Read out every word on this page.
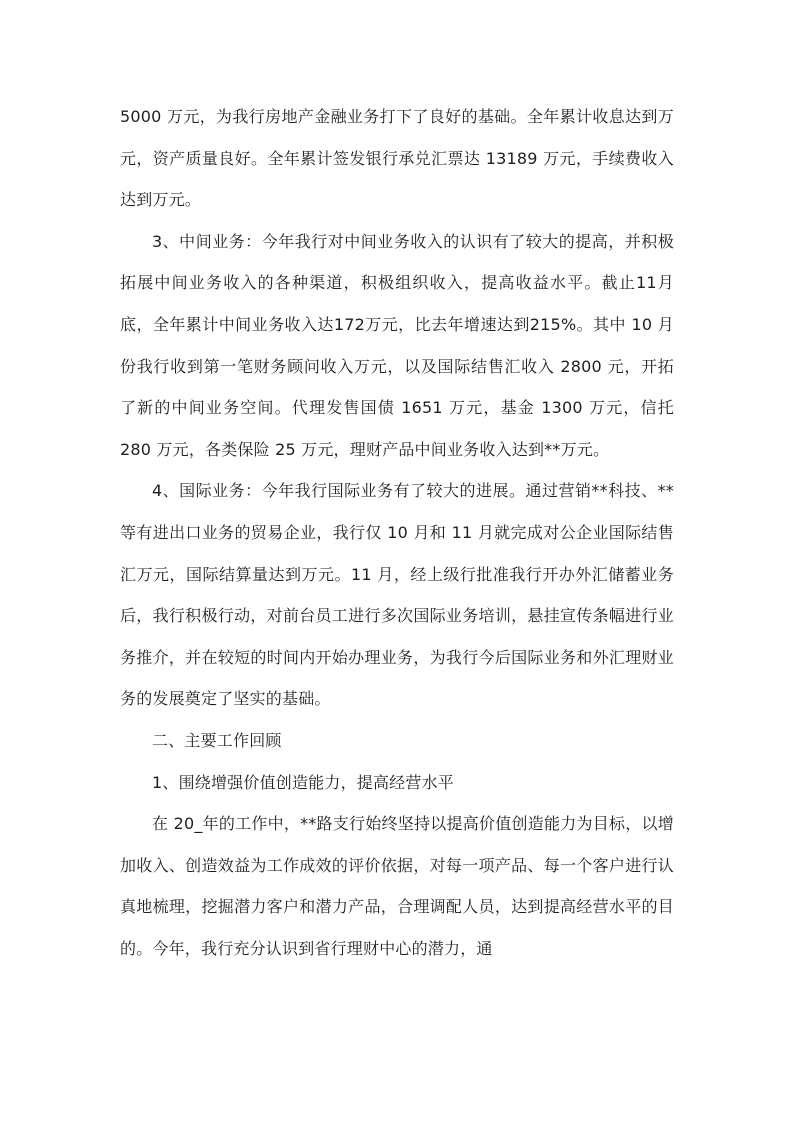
5000 万元，为我行房地产金融业务打下了良好的基础。全年累计收息达到万元，资产质量良好。全年累计签发银行承兑汇票达 13189 万元，手续费收入达到万元。

3、中间业务：今年我行对中间业务收入的认识有了较大的提高，并积极拓展中间业务收入的各种渠道，积极组织收入，提高收益水平。截止11月底，全年累计中间业务收入达172万元，比去年增速达到215%。其中 10 月份我行收到第一笔财务顾问收入万元，以及国际结售汇收入 2800 元，开拓了新的中间业务空间。代理发售国债 1651 万元，基金 1300 万元，信托 280 万元，各类保险 25 万元，理财产品中间业务收入达到**万元。

4、国际业务：今年我行国际业务有了较大的进展。通过营销**科技、**等有进出口业务的贸易企业，我行仅 10 月和 11 月就完成对公企业国际结售汇万元，国际结算量达到万元。11 月，经上级行批准我行开办外汇储蓄业务后，我行积极行动，对前台员工进行多次国际业务培训，悬挂宣传条幅进行业务推介，并在较短的时间内开始办理业务，为我行今后国际业务和外汇理财业务的发展奠定了坚实的基础。

二、主要工作回顾

1、围绕增强价值创造能力，提高经营水平

在 20_年的工作中，**路支行始终坚持以提高价值创造能力为目标，以增加收入、创造效益为工作成效的评价依据，对每一项产品、每一个客户进行认真地梳理，挖掘潜力客户和潜力产品，合理调配人员，达到提高经营水平的目的。今年，我行充分认识到省行理财中心的潜力，通
